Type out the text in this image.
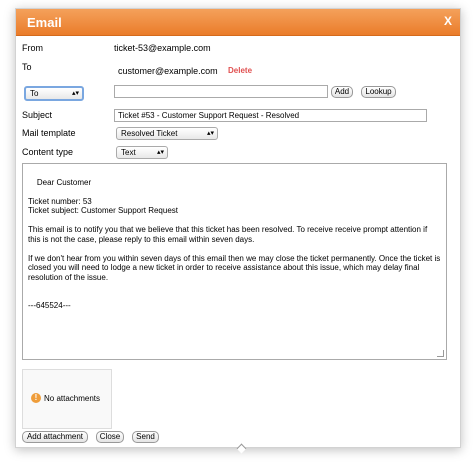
Email	X
From	ticket-53@example.com
To	customer@example.com Delete
To	▴▾	Add	Lookup
Subject	Ticket #53 - Customer Support Request - Resolved
Mail template	Resolved Ticket	▴▾
Content type	Text	▴▾

Dear Customer

Ticket number: 53
Ticket subject: Customer Support Request

This email is to notify you that we believe that this ticket has been resolved. To receive receive prompt attention if this is not the case, please reply to this email within seven days.

If we don't hear from you within seven days of this email then we may close the ticket permanently. Once the ticket is closed you will need to lodge a new ticket in order to receive assistance about this issue, which may delay final resolution of the issue.

---645524---

! No attachments
Add attachment	Close	Send
